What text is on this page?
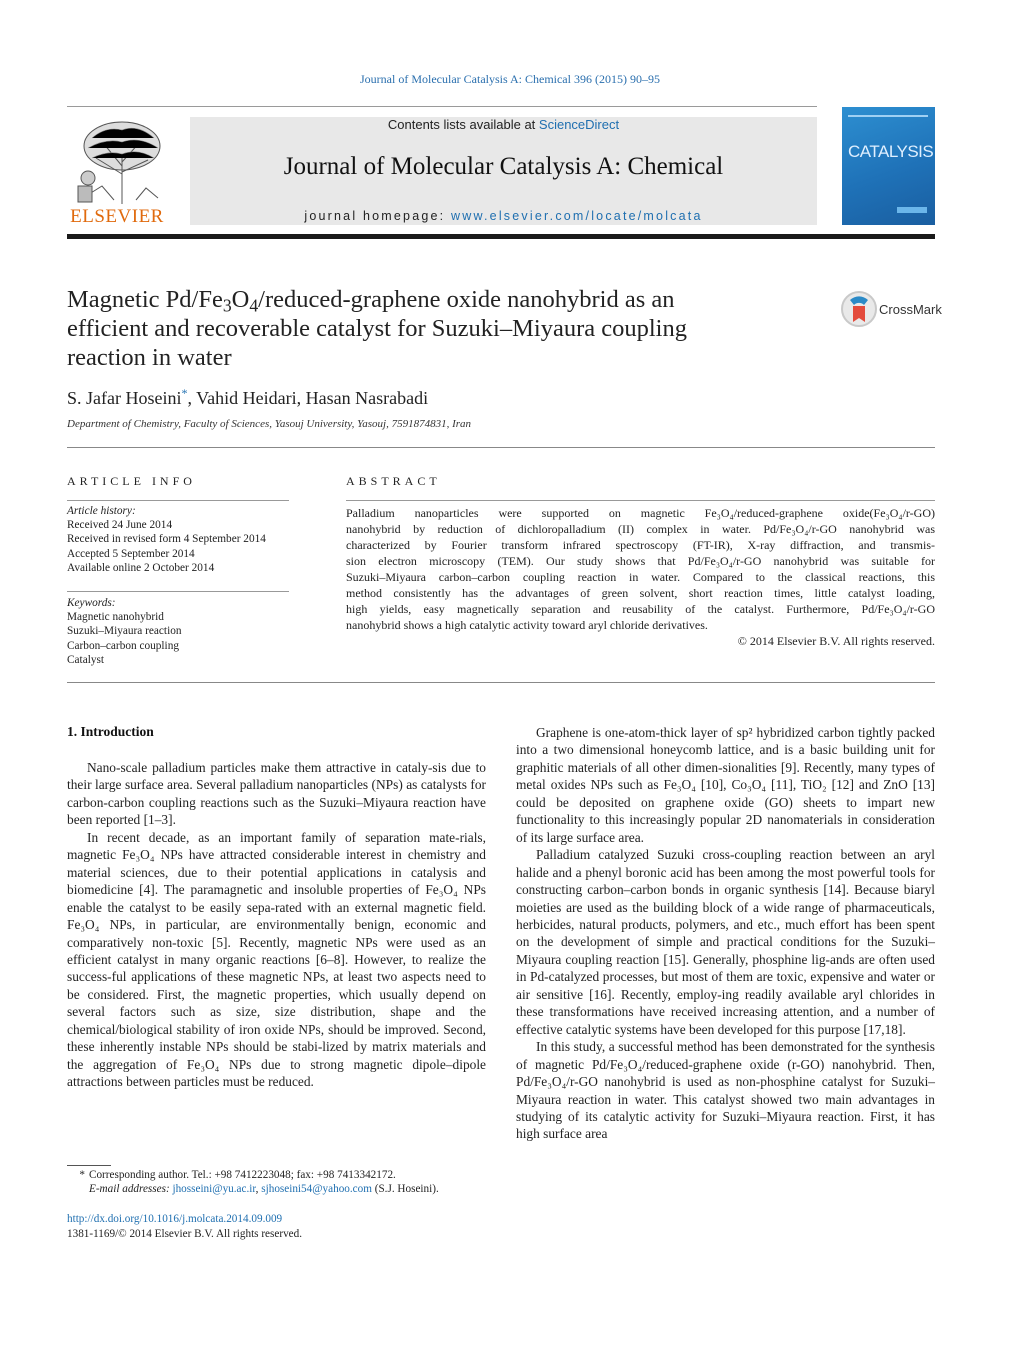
Journal of Molecular Catalysis A: Chemical 396 (2015) 90–95
ELSEVIER
Contents lists available at ScienceDirect
Journal of Molecular Catalysis A: Chemical
journal homepage: www.elsevier.com/locate/molcata
CATALYSIS
Magnetic $Pd/Fe_3O_4/reduced$-graphene oxide nanohybrid as an
efficient and recoverable catalyst for Suzuki–Miyaura coupling
reaction in water
CrossMark
S. Jafar Hoseini*, Vahid Heidari, Hasan Nasrabadi
Department of Chemistry, Faculty of Sciences, Yasouj University, Yasouj, 7591874831, Iran
ARTICLE INFO
Article history:
Received 24 June 2014
Received in revised form 4 September 2014
Accepted 5 September 2014
Available online 2 October 2014
Keywords:
Magnetic nanohybrid
Suzuki–Miyaura reaction
Carbon–carbon coupling
Catalyst
ABSTRACT
Palladium nanoparticles were supported on magnetic Fe₃O₄/reduced-graphene oxide(Fe₃O₄/r-GO)
nanohybrid by reduction of dichloropalladium (II) complex in water. Pd/Fe₃O₄/r-GO nanohybrid was
characterized by Fourier transform infrared spectroscopy (FT-IR), X-ray diffraction, and transmis-
sion electron microscopy (TEM). Our study shows that Pd/Fe₃O₄/r-GO nanohybrid was suitable for
Suzuki–Miyaura carbon–carbon coupling reaction in water. Compared to the classical reactions, this
method consistently has the advantages of green solvent, short reaction times, little catalyst loading,
high yields, easy magnetically separation and reusability of the catalyst. Furthermore, Pd/Fe₃O₄/r-GO
nanohybrid shows a high catalytic activity toward aryl chloride derivatives.
© 2014 Elsevier B.V. All rights reserved.
1. Introduction

Nano-scale palladium particles make them attractive in cataly-sis due to their large surface area. Several palladium nanoparticles (NPs) as catalysts for carbon-carbon coupling reactions such as the Suzuki–Miyaura reaction have been reported [1–3].

In recent decade, as an important family of separation mate-rials, magnetic Fe₃O₄ NPs have attracted considerable interest in chemistry and material sciences, due to their potential applications in catalysis and biomedicine [4]. The paramagnetic and insoluble properties of Fe₃O₄ NPs enable the catalyst to be easily sepa-rated with an external magnetic field. Fe₃O₄ NPs, in particular, are environmentally benign, economic and comparatively non-toxic [5]. Recently, magnetic NPs were used as an efficient catalyst in many organic reactions [6–8]. However, to realize the success-ful applications of these magnetic NPs, at least two aspects need to be considered. First, the magnetic properties, which usually depend on several factors such as size, size distribution, shape and the chemical/biological stability of iron oxide NPs, should be improved. Second, these inherently instable NPs should be stabi-lized by matrix materials and the aggregation of Fe₃O₄ NPs due to strong magnetic dipole–dipole attractions between particles must be reduced.

Graphene is one-atom-thick layer of sp² hybridized carbon tightly packed into a two dimensional honeycomb lattice, and is a basic building unit for graphitic materials of all other dimen-sionalities [9]. Recently, many types of metal oxides NPs such as Fe₃O₄ [10], Co₃O₄ [11], TiO₂ [12] and ZnO [13] could be deposited on graphene oxide (GO) sheets to impart new functionality to this increasingly popular 2D nanomaterials in consideration of its large surface area.

Palladium catalyzed Suzuki cross-coupling reaction between an aryl halide and a phenyl boronic acid has been among the most powerful tools for constructing carbon–carbon bonds in organic synthesis [14]. Because biaryl moieties are used as the building block of a wide range of pharmaceuticals, herbicides, natural products, polymers, and etc., much effort has been spent on the development of simple and practical conditions for the Suzuki–Miyaura coupling reaction [15]. Generally, phosphine lig-ands are often used in Pd-catalyzed processes, but most of them are toxic, expensive and water or air sensitive [16]. Recently, employ-ing readily available aryl chlorides in these transformations have received increasing attention, and a number of effective catalytic systems have been developed for this purpose [17,18].

In this study, a successful method has been demonstrated for the synthesis of magnetic Pd/Fe₃O₄/reduced-graphene oxide (r-GO) nanohybrid. Then, Pd/Fe₃O₄/r-GO nanohybrid is used as non-phosphine catalyst for Suzuki–Miyaura reaction in water. This catalyst showed two main advantages in studying of its catalytic activity for Suzuki–Miyaura reaction. First, it has high surface area

* Corresponding author. Tel.: +98 7412223048; fax: +98 7413342172.
E-mail addresses: jhosseini@yu.ac.ir, sjhoseini54@yahoo.com (S.J. Hoseini).
http://dx.doi.org/10.1016/j.molcata.2014.09.009
1381-1169/© 2014 Elsevier B.V. All rights reserved.
